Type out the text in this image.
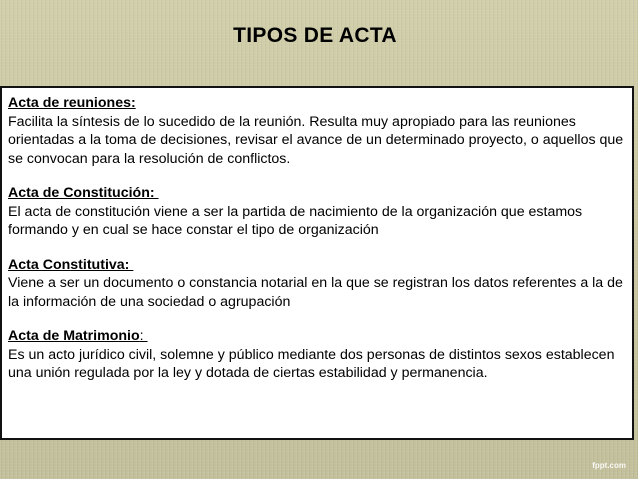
TIPOS DE ACTA
Acta de reuniones:

Facilita la síntesis de lo sucedido de la reunión. Resulta muy apropiado para las reuniones orientadas a la toma de decisiones, revisar el avance de un determinado proyecto, o aquellos que se convocan para la resolución de conflictos.

Acta de Constitución:

El acta de constitución viene a ser la partida de nacimiento de la organización que estamos formando y en cual se hace constar el tipo de organización

Acta Constitutiva:

Viene a ser un documento o constancia notarial en la que se registran los datos referentes a la de la información de una sociedad o agrupación

Acta de Matrimonio:

Es un acto jurídico civil, solemne y público mediante dos personas de distintos sexos establecen una unión regulada por la ley y dotada de ciertas estabilidad y permanencia.

fppt.com
